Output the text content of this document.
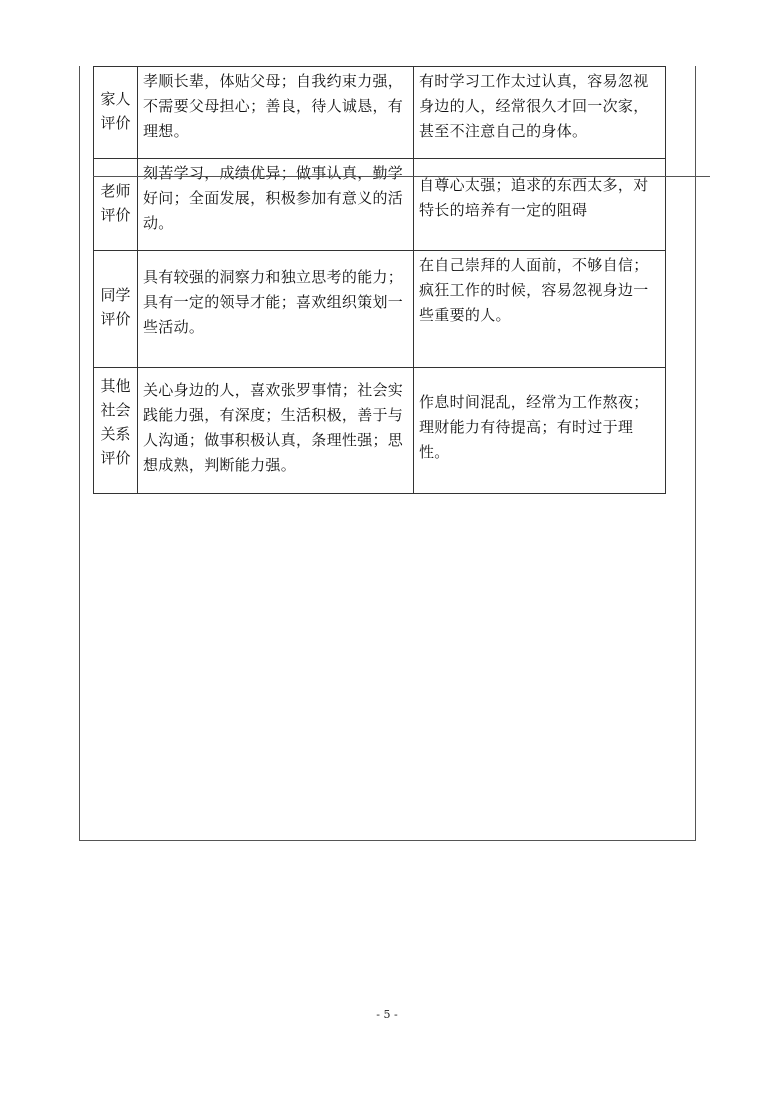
家人评价	孝顺长辈，体贴父母；自我约束力强，不需要父母担心；善良，待人诚恳，有理想。	有时学习工作太过认真，容易忽视身边的人，经常很久才回一次家，甚至不注意自己的身体。

老师评价	刻苦学习，成绩优异；做事认真，勤学好问；全面发展，积极参加有意义的活动。	自尊心太强；追求的东西太多，对特长的培养有一定的阻碍

同学评价	具有较强的洞察力和独立思考的能力；具有一定的领导才能；喜欢组织策划一些活动。	在自己崇拜的人面前，不够自信；疯狂工作的时候，容易忽视身边一些重要的人。

其他社会关系评价	关心身边的人，喜欢张罗事情；社会实践能力强，有深度；生活积极，善于与人沟通；做事积极认真，条理性强；思想成熟，判断能力强。	作息时间混乱，经常为工作熬夜；理财能力有待提高；有时过于理性。
- 5 -
